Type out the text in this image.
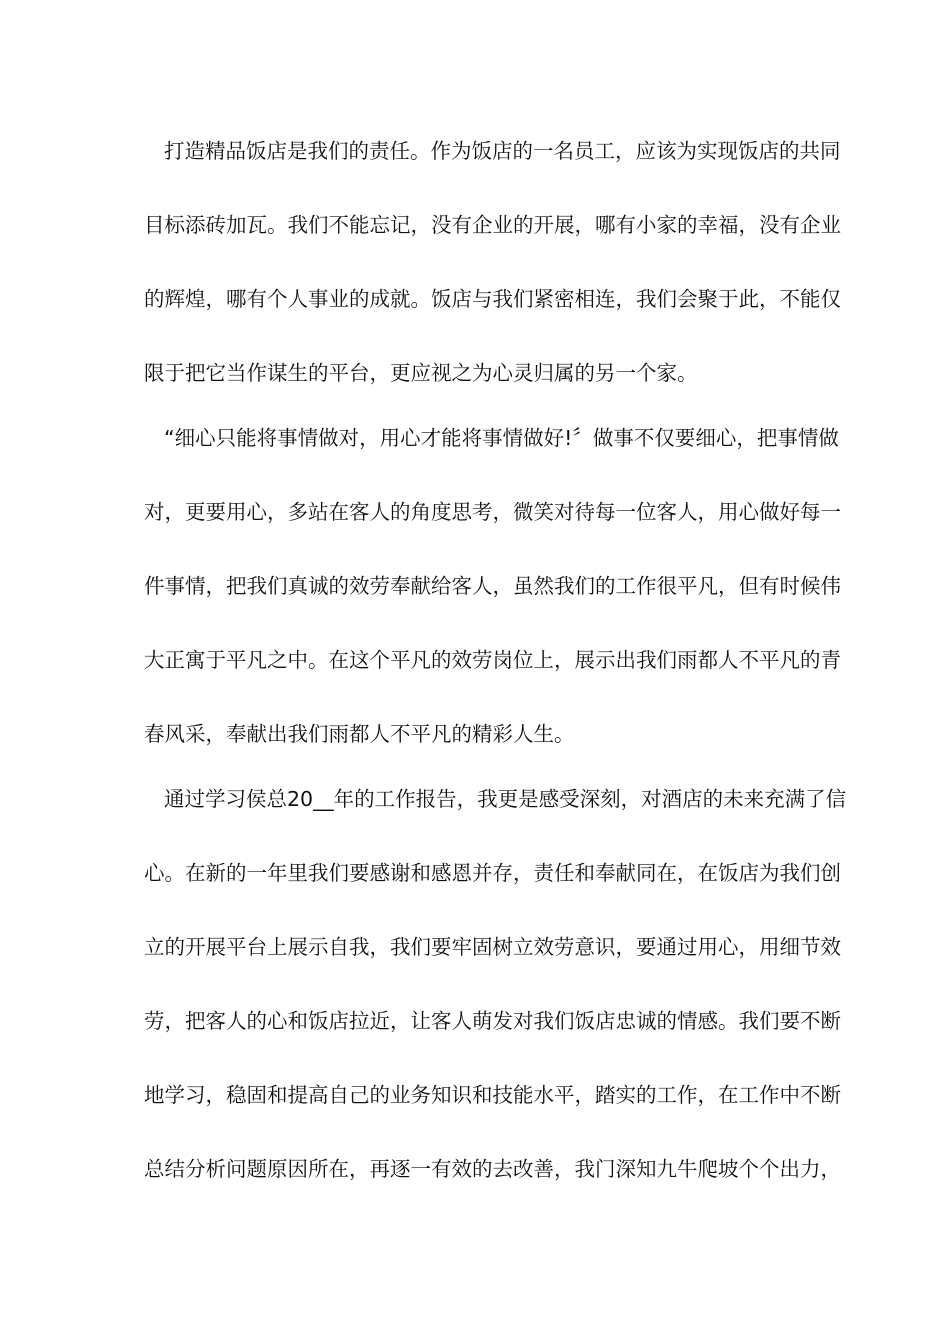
打造精品饭店是我们的责任。作为饭店的一名员工，应该为实现饭店的共同
目标添砖加瓦。我们不能忘记，没有企业的开展，哪有小家的幸福，没有企业
的辉煌，哪有个人事业的成就。饭店与我们紧密相连，我们会聚于此，不能仅
限于把它当作谋生的平台，更应视之为心灵归属的另一个家。
“细心只能将事情做对，用心才能将事情做好!〞做事不仅要细心，把事情做
对，更要用心，多站在客人的角度思考，微笑对待每一位客人，用心做好每一
件事情，把我们真诚的效劳奉献给客人，虽然我们的工作很平凡，但有时候伟
大正寓于平凡之中。在这个平凡的效劳岗位上，展示出我们雨都人不平凡的青
春风采，奉献出我们雨都人不平凡的精彩人生。
通过学习侯总20__年的工作报告，我更是感受深刻，对酒店的未来充满了信
心。在新的一年里我们要感谢和感恩并存，责任和奉献同在，在饭店为我们创
立的开展平台上展示自我，我们要牢固树立效劳意识，要通过用心，用细节效
劳，把客人的心和饭店拉近，让客人萌发对我们饭店忠诚的情感。我们要不断
地学习，稳固和提高自己的业务知识和技能水平，踏实的工作，在工作中不断
总结分析问题原因所在，再逐一有效的去改善，我门深知九牛爬坡个个出力，
